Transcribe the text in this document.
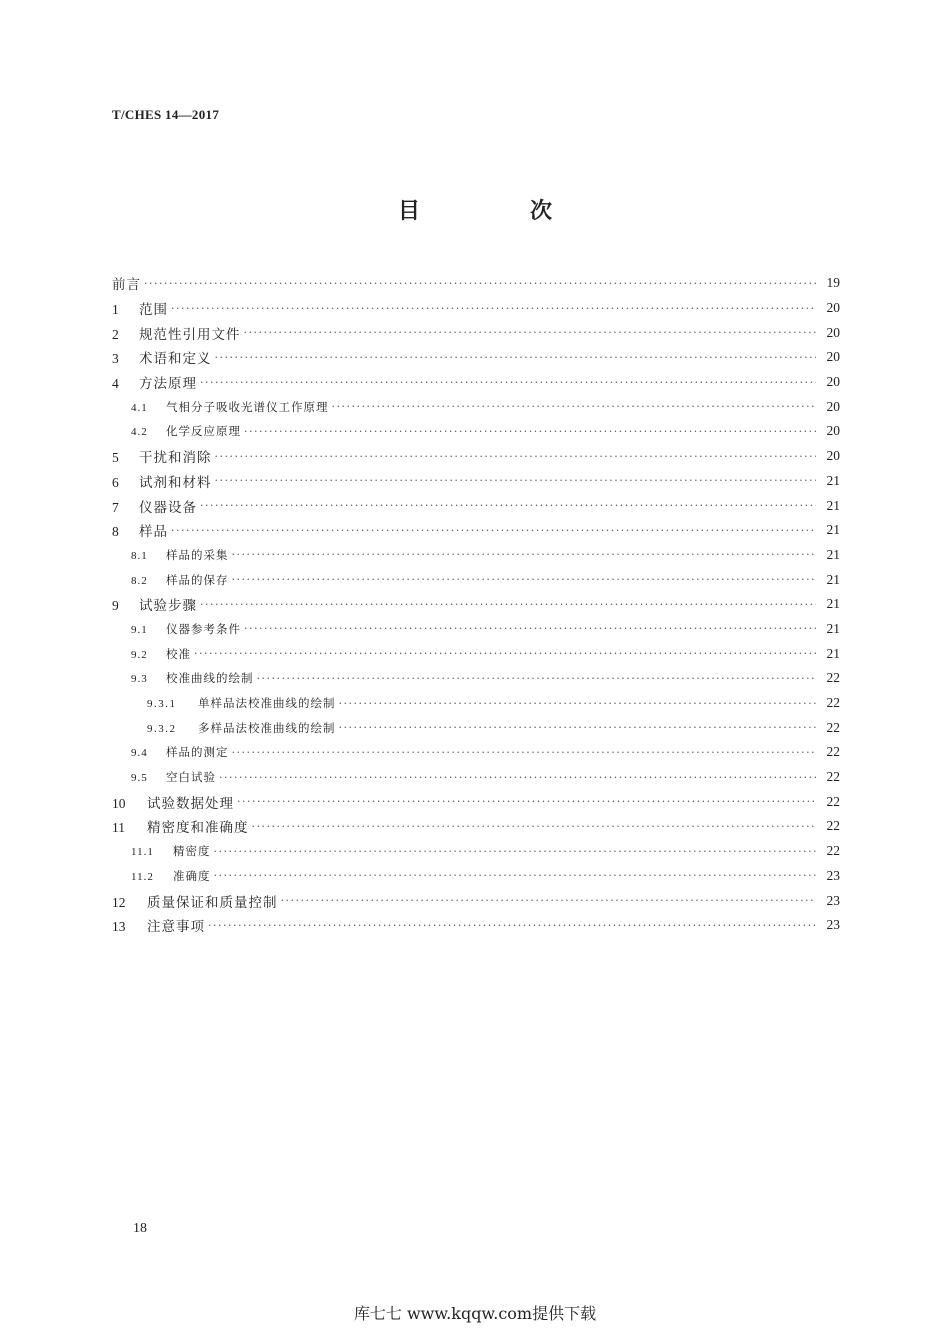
T/CHES 14—2017
目　次
前言 ·····	19
1 范围 ·····	20
2 规范性引用文件 ·····	20
3 术语和定义 ·····	20
4 方法原理 ·····	20
4.1 气相分子吸收光谱仪工作原理 ·····	20
4.2 化学反应原理 ·····	20
5 干扰和消除 ·····	20
6 试剂和材料 ·····	21
7 仪器设备 ·····	21
8 样品 ·····	21
8.1 样品的采集 ·····	21
8.2 样品的保存 ·····	21
9 试验步骤 ·····	21
9.1 仪器参考条件 ·····	21
9.2 校准 ·····	21
9.3 校准曲线的绘制 ·····	22
9.3.1 单样品法校准曲线的绘制 ·····	22
9.3.2 多样品法校准曲线的绘制 ·····	22
9.4 样品的测定 ·····	22
9.5 空白试验 ·····	22
10 试验数据处理 ·····	22
11 精密度和准确度 ·····	22
11.1 精密度 ·····	22
11.2 准确度 ·····	23
12 质量保证和质量控制 ·····	23
13 注意事项 ·····	23
18
库七七 www.kqqw.com提供下载
